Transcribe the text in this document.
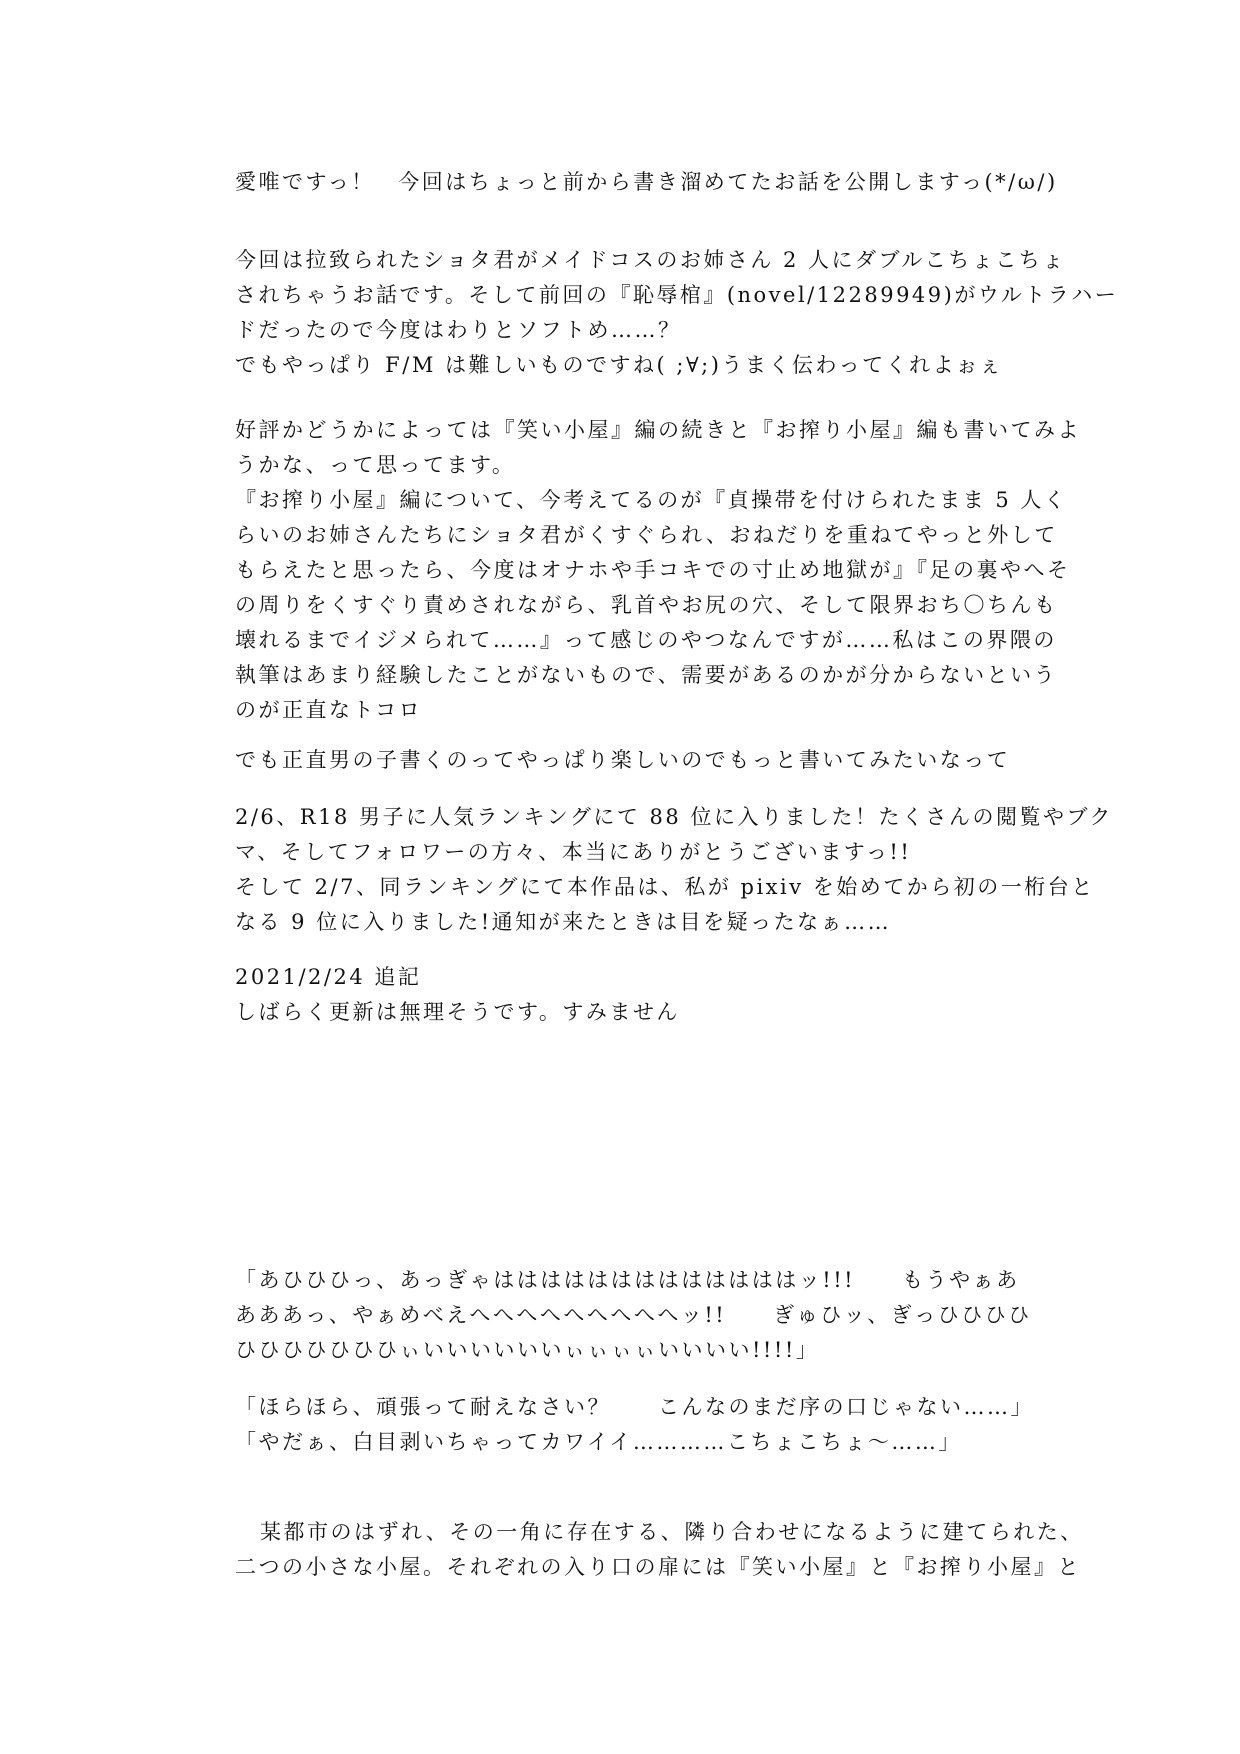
愛唯ですっ！　今回はちょっと前から書き溜めてたお話を公開しますっ(*/ω/)
今回は拉致られたショタ君がメイドコスのお姉さん 2 人にダブルこちょこちょ
されちゃうお話です。そして前回の『恥辱棺』(novel/12289949)がウルトラハー
ドだったので今度はわりとソフトめ……？
でもやっぱり F/M は難しいものですね( ;∀;)うまく伝わってくれよぉぇ
好評かどうかによっては『笑い小屋』編の続きと『お搾り小屋』編も書いてみよ
うかな、って思ってます。
『お搾り小屋』編について、今考えてるのが『貞操帯を付けられたまま 5 人く
らいのお姉さんたちにショタ君がくすぐられ、おねだりを重ねてやっと外して
もらえたと思ったら、今度はオナホや手コキでの寸止め地獄が』『足の裏やへそ
の周りをくすぐり責めされながら、乳首やお尻の穴、そして限界おち〇ちんも
壊れるまでイジメられて……』って感じのやつなんですが……私はこの界隈の
執筆はあまり経験したことがないもので、需要があるのかが分からないという
のが正直なトコロ
でも正直男の子書くのってやっぱり楽しいのでもっと書いてみたいなって
2/6、R18 男子に人気ランキングにて 88 位に入りました！たくさんの閲覧やブク
マ、そしてフォロワーの方々、本当にありがとうございますっ!!
そして 2/7、同ランキングにて本作品は、私が pixiv を始めてから初の一桁台と
なる 9 位に入りました!通知が来たときは目を疑ったなぁ……
2021/2/24 追記
しばらく更新は無理そうです。すみません
「あひひひっ、あっぎゃはははははははははははははッ!!!　　もうやぁあ
あああっ、やぁめべえへへへへへへへへへッ!!　　ぎゅひッ、ぎっひひひひ
ひひひひひひひぃいいいいいいぃぃぃぃいいいい!!!!」
「ほらほら、頑張って耐えなさい？　　こんなのまだ序の口じゃない……」
「やだぁ、白目剥いちゃってカワイイ…………こちょこちょ～……」
某都市のはずれ、その一角に存在する、隣り合わせになるように建てられた、
二つの小さな小屋。それぞれの入り口の扉には『笑い小屋』と『お搾り小屋』と
